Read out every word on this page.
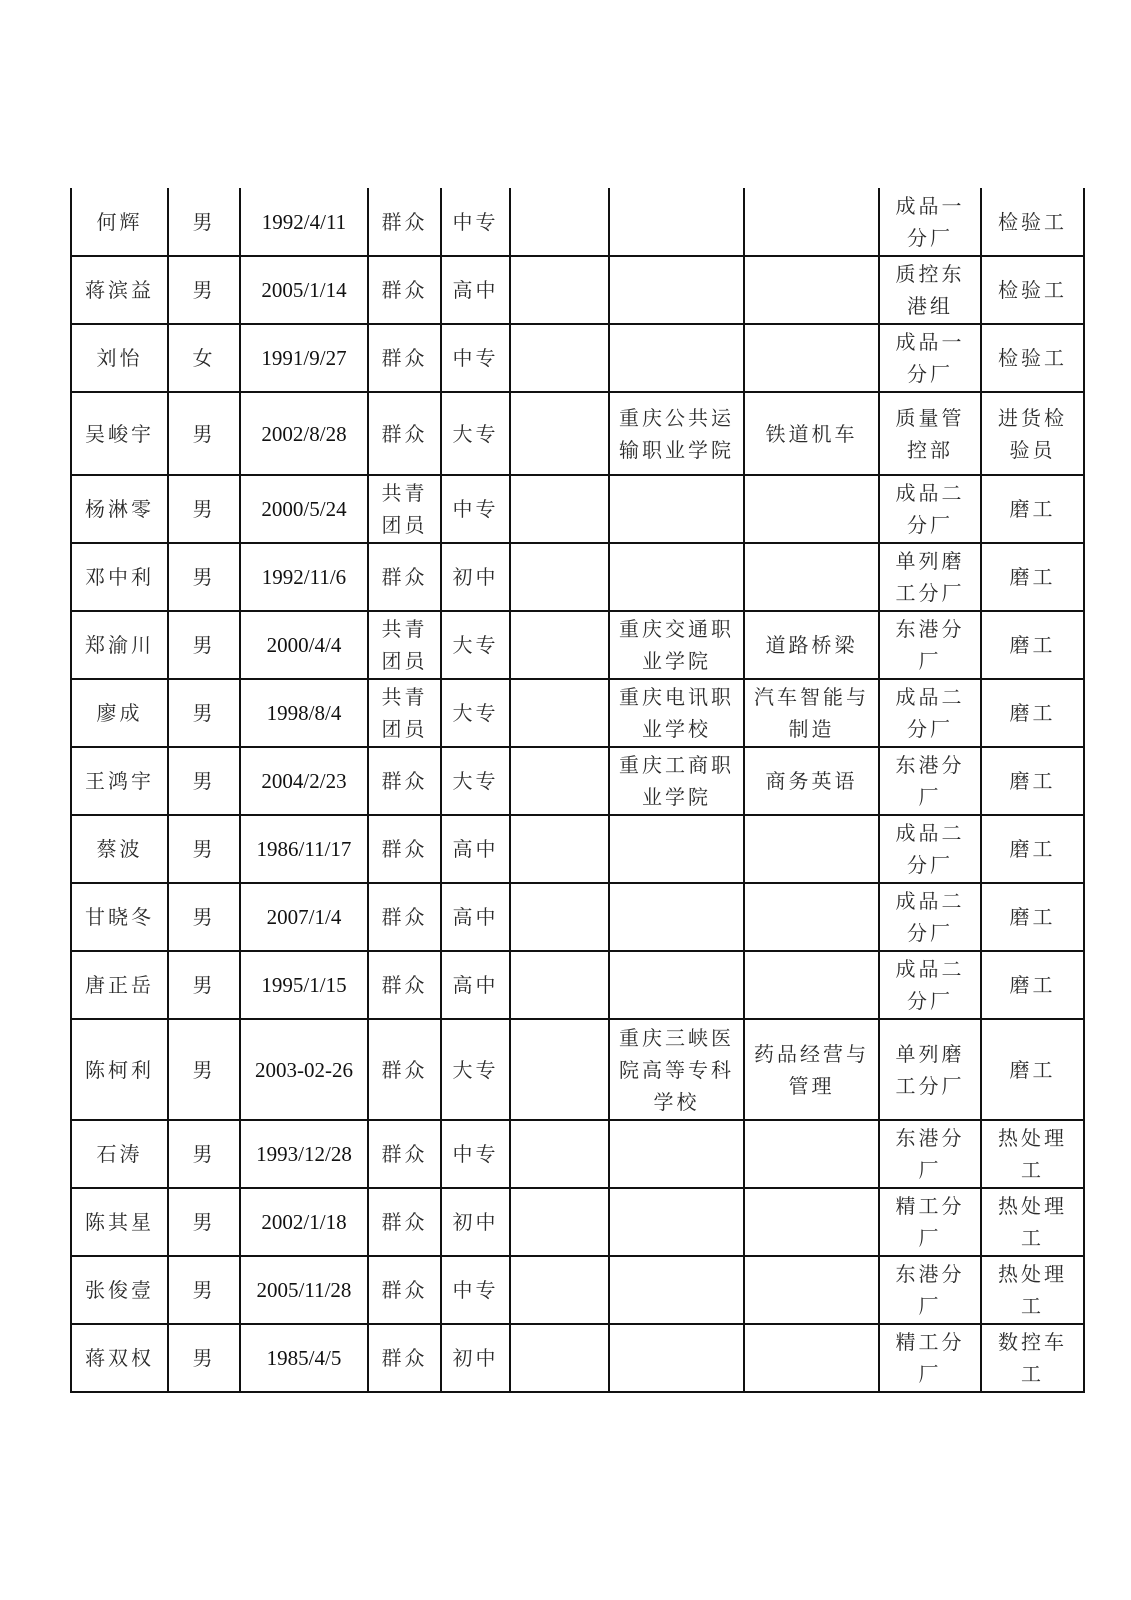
何辉	男	1992/4/11	群众	中专				成品一分厂	检验工
蒋滨益	男	2005/1/14	群众	高中				质控东港组	检验工
刘怡	女	1991/9/27	群众	中专				成品一分厂	检验工
吴峻宇	男	2002/8/28	群众	大专		重庆公共运输职业学院	铁道机车	质量管控部	进货检验员
杨淋零	男	2000/5/24	共青团员	中专				成品二分厂	磨工
邓中利	男	1992/11/6	群众	初中				单列磨工分厂	磨工
郑渝川	男	2000/4/4	共青团员	大专		重庆交通职业学院	道路桥梁	东港分厂	磨工
廖成	男	1998/8/4	共青团员	大专		重庆电讯职业学校	汽车智能与制造	成品二分厂	磨工
王鸿宇	男	2004/2/23	群众	大专		重庆工商职业学院	商务英语	东港分厂	磨工
蔡波	男	1986/11/17	群众	高中				成品二分厂	磨工
甘晓冬	男	2007/1/4	群众	高中				成品二分厂	磨工
唐正岳	男	1995/1/15	群众	高中				成品二分厂	磨工
陈柯利	男	2003-02-26	群众	大专		重庆三峡医院高等专科学校	药品经营与管理	单列磨工分厂	磨工
石涛	男	1993/12/28	群众	中专				东港分厂	热处理工
陈其星	男	2002/1/18	群众	初中				精工分厂	热处理工
张俊壹	男	2005/11/28	群众	中专				东港分厂	热处理工
蒋双权	男	1985/4/5	群众	初中				精工分厂	数控车工
